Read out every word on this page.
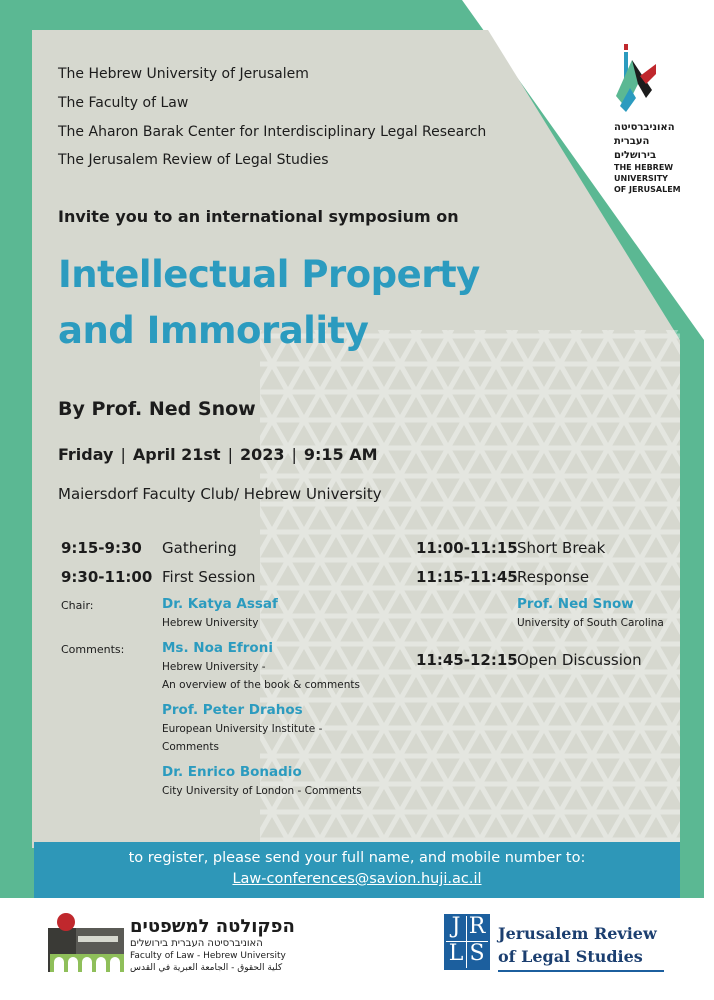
The Hebrew University of Jerusalem
The Faculty of Law
The Aharon Barak Center for Interdisciplinary Legal Research
The Jerusalem Review of Legal Studies
האוניברסיטה
העברית
בירושלים
THE HEBREW
UNIVERSITY
OF JERUSALEM
Invite you to an international symposium on
Intellectual Property
and Immorality
By Prof. Ned Snow
Friday | April 21st | 2023 | 9:15 AM
Maiersdorf Faculty Club/ Hebrew University
9:15-9:30 Gathering
9:30-11:00 First Session
Chair:
Comments:
Dr. Katya Assaf
Hebrew University
Ms. Noa Efroni
Hebrew University -
An overview of the book & comments
Prof. Peter Drahos
European University Institute -
Comments
Dr. Enrico Bonadio
City University of London - Comments
11:00-11:15 Short Break
11:15-11:45 Response
Prof. Ned Snow
University of South Carolina
11:45-12:15 Open Discussion
to register, please send your full name, and mobile number to:
Law-conferences@savion.huji.ac.il
הפקולטה למשפטים
האוניברסיטה העברית בירושלים
Faculty of Law - Hebrew University
كلية الحقوق - الجامعة العبرية في القدس
J R
L S
Jerusalem Review
of Legal Studies
